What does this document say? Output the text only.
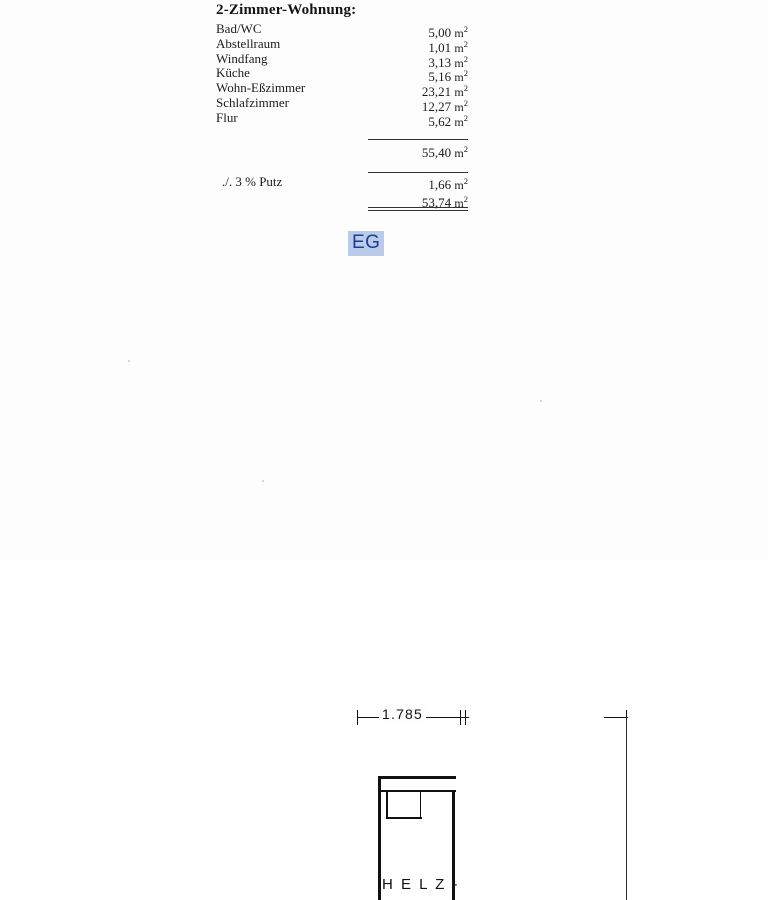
2-Zimmer-Wohnung:
Bad/WC	5,00 $m^2$
Abstellraum	1,01 $m^2$
Windfang	3,13 $m^2$
Küche	5,16 $m^2$
Wohn-Eßzimmer	23,21 $m^2$
Schlafzimmer	12,27 $m^2$
Flur	5,62 $m^2$
55,40 $m^2$
./. 3 % Putz	1,66 $m^2$
53,74 $m^2$
EG
1.785
H E L Z -
